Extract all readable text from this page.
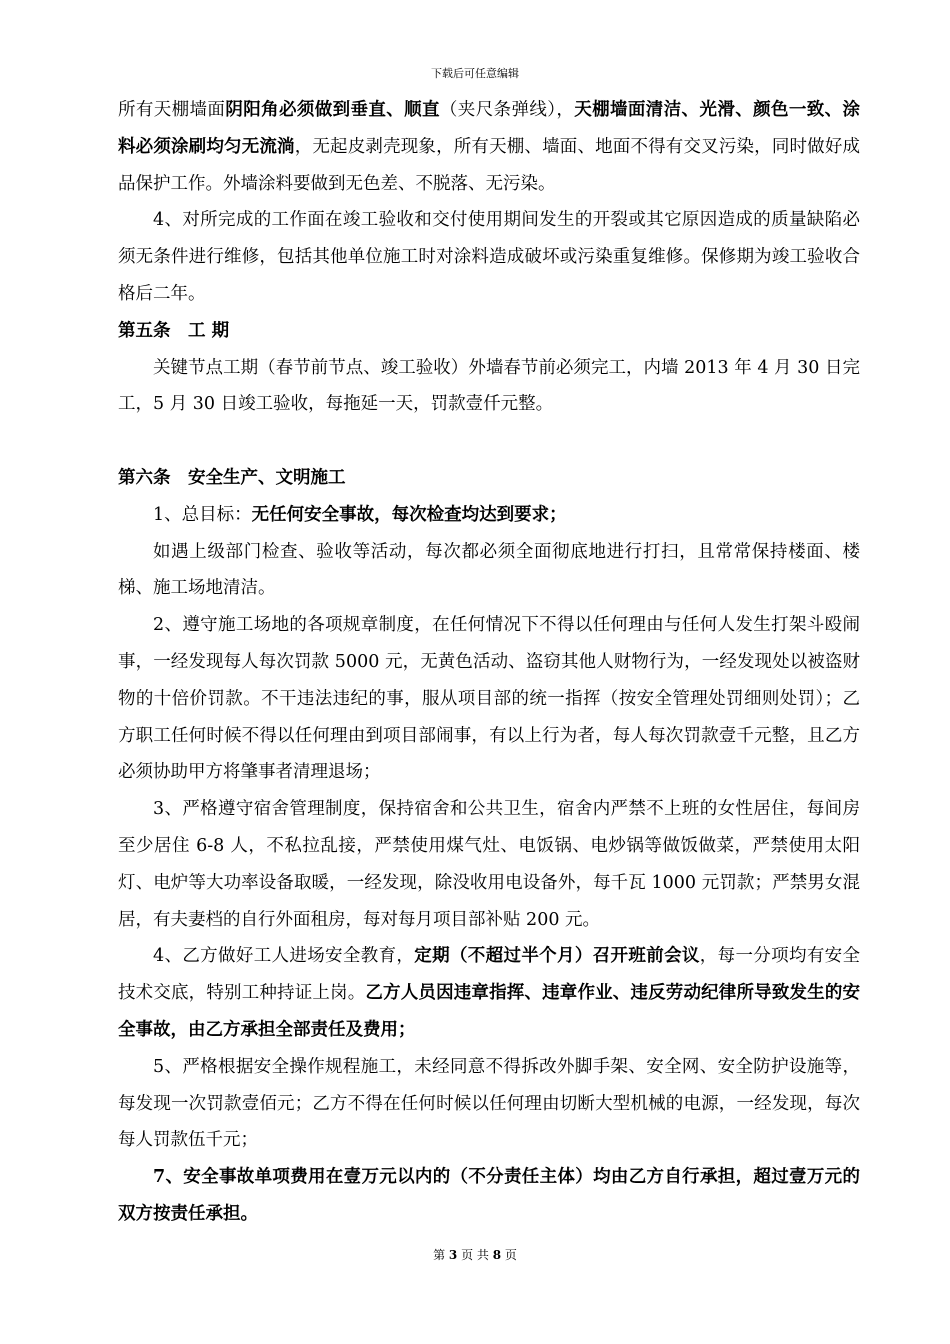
下载后可任意编辑

所有天棚墙面阴阳角必须做到垂直、顺直（夹尺条弹线），天棚墙面清洁、光滑、颜色一致、涂料必须涂刷均匀无流淌，无起皮剥壳现象，所有天棚、墙面、地面不得有交叉污染，同时做好成品保护工作。外墙涂料要做到无色差、不脱落、无污染。

4、对所完成的工作面在竣工验收和交付使用期间发生的开裂或其它原因造成的质量缺陷必须无条件进行维修，包括其他单位施工时对涂料造成破坏或污染重复维修。保修期为竣工验收合格后二年。

第五条 工 期

关键节点工期（春节前节点、竣工验收）外墙春节前必须完工，内墙 2013 年 4 月 30 日完工，5 月 30 日竣工验收，每拖延一天，罚款壹仟元整。

第六条 安全生产、文明施工

1、总目标：无任何安全事故，每次检查均达到要求；

如遇上级部门检查、验收等活动，每次都必须全面彻底地进行打扫，且常常保持楼面、楼梯、施工场地清洁。

2、遵守施工场地的各项规章制度，在任何情况下不得以任何理由与任何人发生打架斗殴闹事，一经发现每人每次罚款 5000 元，无黄色活动、盗窃其他人财物行为，一经发现处以被盗财物的十倍价罚款。不干违法违纪的事，服从项目部的统一指挥（按安全管理处罚细则处罚）；乙方职工任何时候不得以任何理由到项目部闹事，有以上行为者，每人每次罚款壹千元整，且乙方必须协助甲方将肇事者清理退场；

3、严格遵守宿舍管理制度，保持宿舍和公共卫生，宿舍内严禁不上班的女性居住，每间房至少居住 6-8 人，不私拉乱接，严禁使用煤气灶、电饭锅、电炒锅等做饭做菜，严禁使用太阳灯、电炉等大功率设备取暖，一经发现，除没收用电设备外，每千瓦 1000 元罚款；严禁男女混居，有夫妻档的自行外面租房，每对每月项目部补贴 200 元。

4、乙方做好工人进场安全教育，定期（不超过半个月）召开班前会议，每一分项均有安全技术交底，特别工种持证上岗。乙方人员因违章指挥、违章作业、违反劳动纪律所导致发生的安全事故，由乙方承担全部责任及费用；

5、严格根据安全操作规程施工，未经同意不得拆改外脚手架、安全网、安全防护设施等，每发现一次罚款壹佰元；乙方不得在任何时候以任何理由切断大型机械的电源，一经发现，每次每人罚款伍千元；

7、安全事故单项费用在壹万元以内的（不分责任主体）均由乙方自行承担，超过壹万元的双方按责任承担。

第 3 页 共 8 页
